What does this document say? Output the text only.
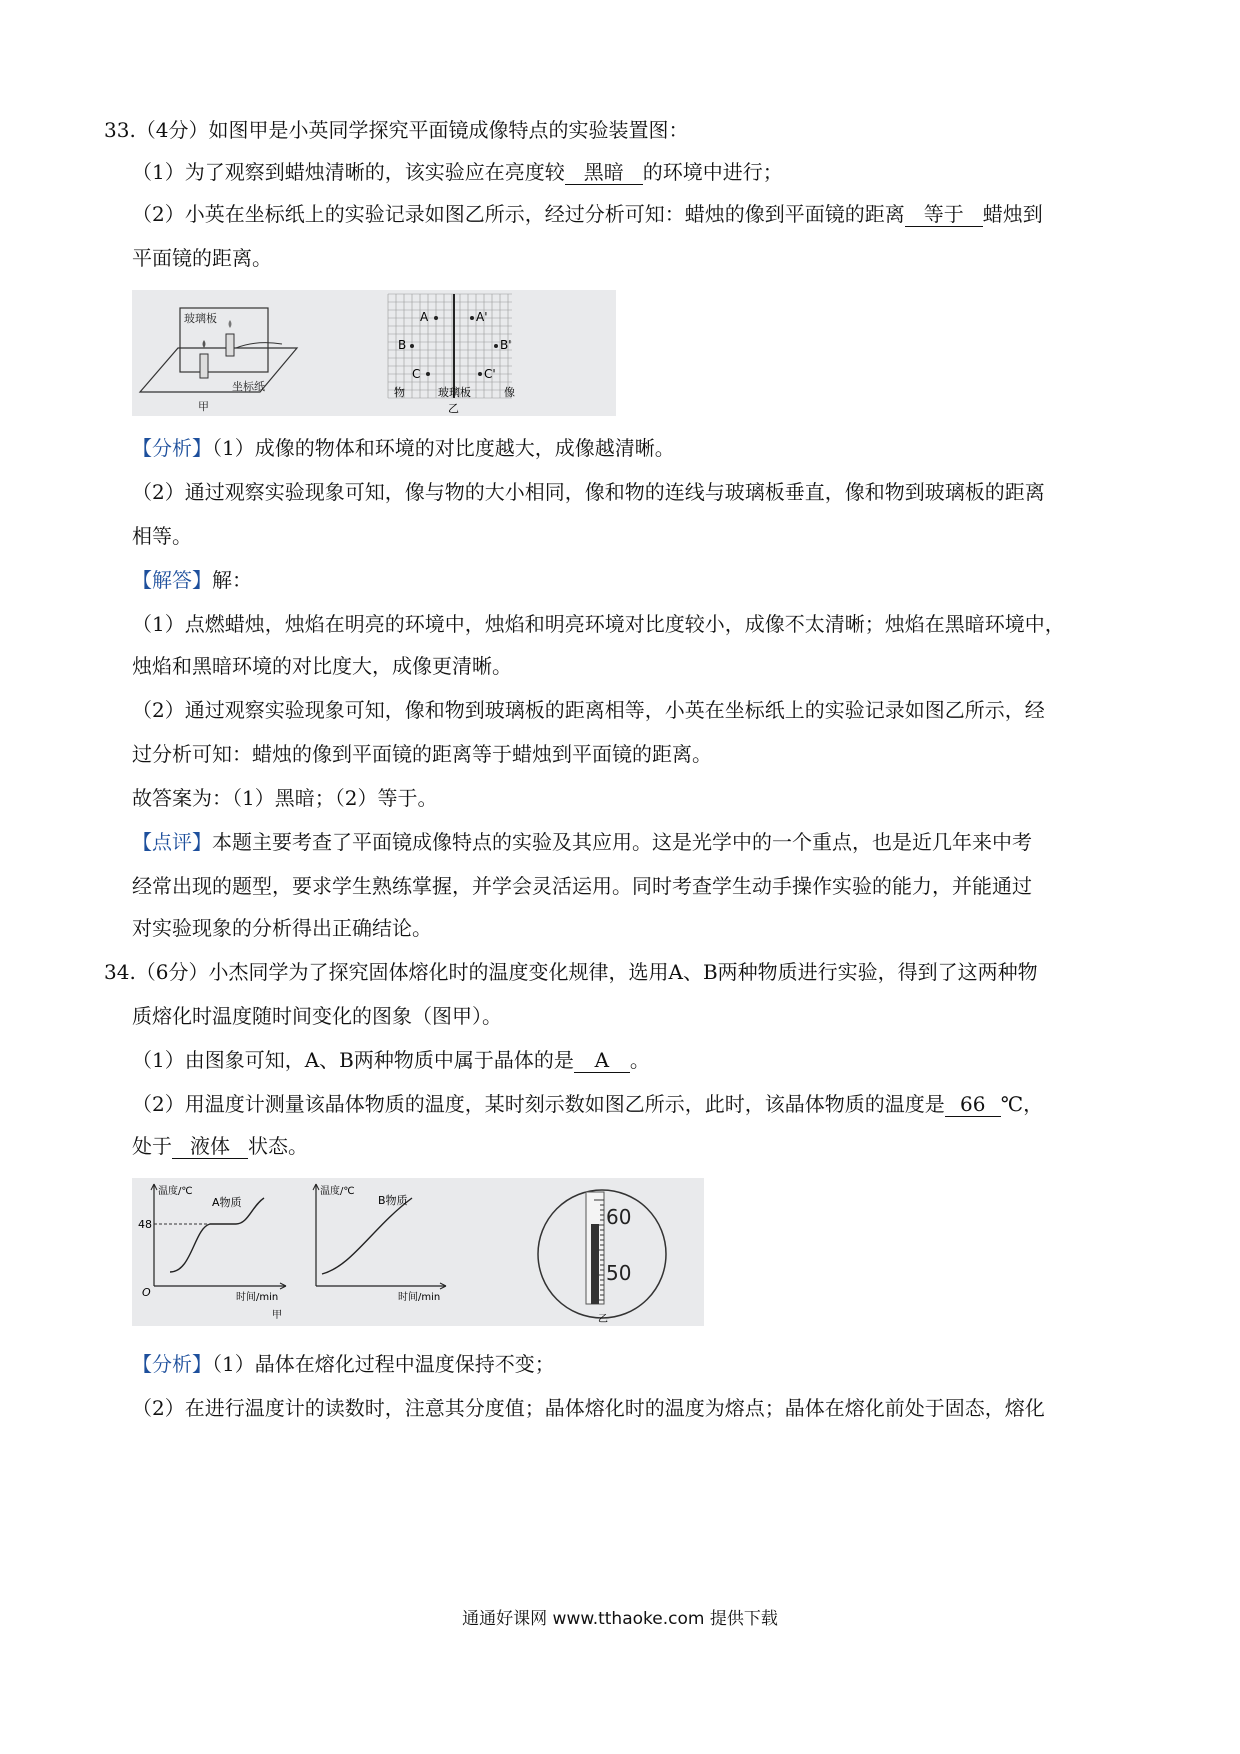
33.（4分）如图甲是小英同学探究平面镜成像特点的实验装置图：
（1）为了观察到蜡烛清晰的，该实验应在亮度较 黑暗 的环境中进行；
（2）小英在坐标纸上的实验记录如图乙所示，经过分析可知：蜡烛的像到平面镜的距离 等于 蜡烛到
平面镜的距离。
玻璃板
坐标纸
甲
A	A'
B	B'
C	C'
物	玻璃板	像
乙
【分析】（1）成像的物体和环境的对比度越大，成像越清晰。
（2）通过观察实验现象可知，像与物的大小相同，像和物的连线与玻璃板垂直，像和物到玻璃板的距离
相等。
【解答】解：
（1）点燃蜡烛，烛焰在明亮的环境中，烛焰和明亮环境对比度较小，成像不太清晰；烛焰在黑暗环境中，
烛焰和黑暗环境的对比度大，成像更清晰。
（2）通过观察实验现象可知，像和物到玻璃板的距离相等，小英在坐标纸上的实验记录如图乙所示，经
过分析可知：蜡烛的像到平面镜的距离等于蜡烛到平面镜的距离。
故答案为：（1）黑暗；（2）等于。
【点评】本题主要考查了平面镜成像特点的实验及其应用。这是光学中的一个重点，也是近几年来中考
经常出现的题型，要求学生熟练掌握，并学会灵活运用。同时考查学生动手操作实验的能力，并能通过
对实验现象的分析得出正确结论。
34.（6分）小杰同学为了探究固体熔化时的温度变化规律，选用A、B两种物质进行实验，得到了这两种物
质熔化时温度随时间变化的图象（图甲）。
（1）由图象可知，A、B两种物质中属于晶体的是 A 。
（2）用温度计测量该晶体物质的温度，某时刻示数如图乙所示，此时，该晶体物质的温度是 66 ℃，
处于 液体 状态。
温度/℃
时间/min
O
48
A物质
温度/℃
时间/min
B物质
甲
60
50
乙
【分析】（1）晶体在熔化过程中温度保持不变；
（2）在进行温度计的读数时，注意其分度值；晶体熔化时的温度为熔点；晶体在熔化前处于固态，熔化
通通好课网 www.tthaoke.com 提供下载
